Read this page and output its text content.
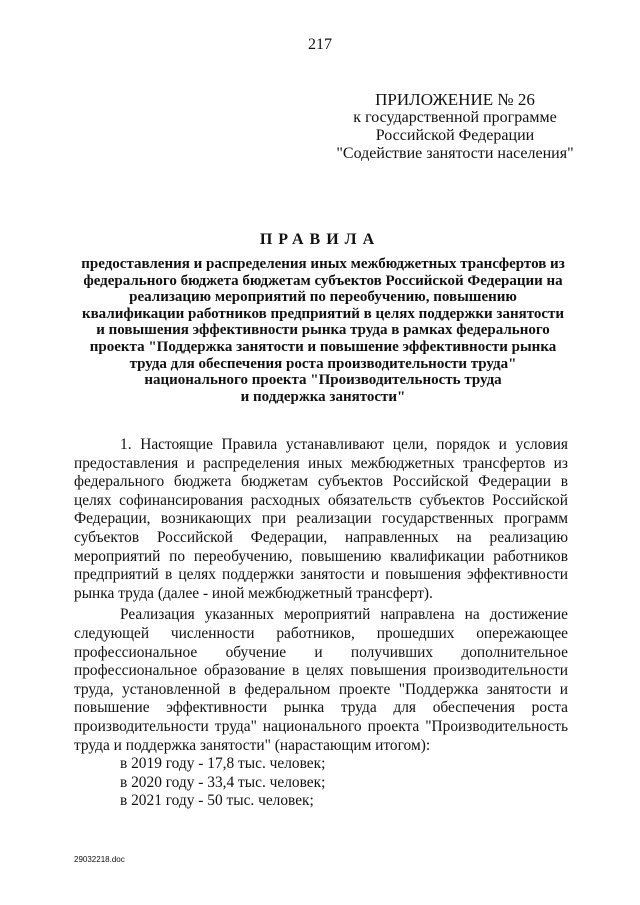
217
ПРИЛОЖЕНИЕ № 26
к государственной программе
Российской Федерации
"Содействие занятости населения"
ПРАВИЛА
предоставления и распределения иных межбюджетных трансфертов из
федерального бюджета бюджетам субъектов Российской Федерации на
реализацию мероприятий по переобучению, повышению
квалификации работников предприятий в целях поддержки занятости
и повышения эффективности рынка труда в рамках федерального
проекта "Поддержка занятости и повышение эффективности рынка
труда для обеспечения роста производительности труда"
национального проекта "Производительность труда
и поддержка занятости"

1. Настоящие Правила устанавливают цели, порядок и условия предоставления и распределения иных межбюджетных трансфертов из федерального бюджета бюджетам субъектов Российской Федерации в целях софинансирования расходных обязательств субъектов Российской Федерации, возникающих при реализации государственных программ субъектов Российской Федерации, направленных на реализацию мероприятий по переобучению, повышению квалификации работников предприятий в целях поддержки занятости и повышения эффективности рынка труда (далее - иной межбюджетный трансферт).

Реализация указанных мероприятий направлена на достижение следующей численности работников, прошедших опережающее профессиональное обучение и получивших дополнительное профессиональное образование в целях повышения производительности труда, установленной в федеральном проекте "Поддержка занятости и повышение эффективности рынка труда для обеспечения роста производительности труда" национального проекта "Производительность труда и поддержка занятости" (нарастающим итогом):

в 2019 году - 17,8 тыс. человек;

в 2020 году - 33,4 тыс. человек;

в 2021 году - 50 тыс. человек;

29032218.doc
